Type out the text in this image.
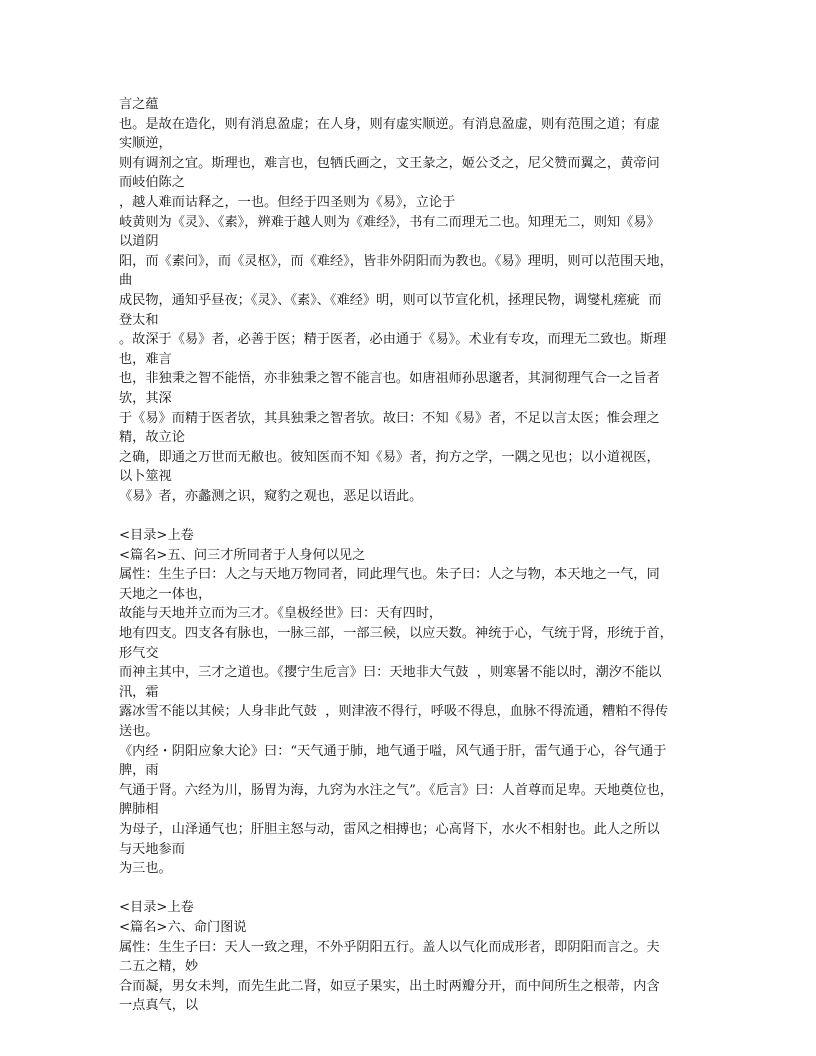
言之蕴
也。是故在造化，则有消息盈虚；在人身，则有虚实顺逆。有消息盈虚，则有范围之道；有虚
实顺逆，
则有调剂之宜。斯理也，难言也，包牺氏画之，文王彖之，姬公爻之，尼父赞而翼之，黄帝问
而岐伯陈之
，越人难而诂释之，一也。但经于四圣则为《易》，立论于
岐黄则为《灵》、《素》，辨难于越人则为《难经》，书有二而理无二也。知理无二，则知《易》
以道阴
阳，而《素问》，而《灵枢》，而《难经》，皆非外阴阳而为教也。《易》理明，则可以范围天地，
曲
成民物，通知乎昼夜；《灵》、《素》、《难经》明，则可以节宣化机，拯理民物，调燮札瘥疵  而
登太和
。故深于《易》者，必善于医；精于医者，必由通于《易》。术业有专攻，而理无二致也。斯理
也，难言
也，非独秉之智不能悟，亦非独秉之智不能言也。如唐祖师孙思邈者，其洞彻理气合一之旨者
欤，其深
于《易》而精于医者欤，其具独秉之智者欤。故曰：不知《易》者，不足以言太医；惟会理之
精，故立论
之确，即通之万世而无敝也。彼知医而不知《易》者，拘方之学，一隅之见也；以小道视医，
以卜筮视
《易》者，亦蠡测之识，窥豹之观也，恶足以语此。
<目录>上卷
<篇名>五、问三才所同者于人身何以见之
属性：生生子曰：人之与天地万物同者，同此理气也。朱子曰：人之与物，本天地之一气，同
天地之一体也，
故能与天地并立而为三才。《皇极经世》曰：天有四时，
地有四支。四支各有脉也，一脉三部，一部三候，以应天数。神统于心，气统于肾，形统于首，
形气交
而神主其中，三才之道也。《撄宁生卮言》曰：天地非大气鼓  ，则寒暑不能以时，潮汐不能以
汛，霜
露冰雪不能以其候；人身非此气鼓  ，则津液不得行，呼吸不得息，血脉不得流通，糟粕不得传
送也。
《内经・阴阳应象大论》曰：“天气通于肺，地气通于嗌，风气通于肝，雷气通于心，谷气通于
脾，雨
气通于肾。六经为川，肠胃为海，九窍为水注之气”。《卮言》曰：人首尊而足卑。天地奠位也，
脾肺相
为母子，山泽通气也；肝胆主怒与动，雷风之相搏也；心高肾下，水火不相射也。此人之所以
与天地参而
为三也。
<目录>上卷
<篇名>六、命门图说
属性：生生子曰：天人一致之理，不外乎阴阳五行。盖人以气化而成形者，即阴阳而言之。夫
二五之精，妙
合而凝，男女未判，而先生此二肾，如豆子果实，出土时两瓣分开，而中间所生之根蒂，内含
一点真气，以
